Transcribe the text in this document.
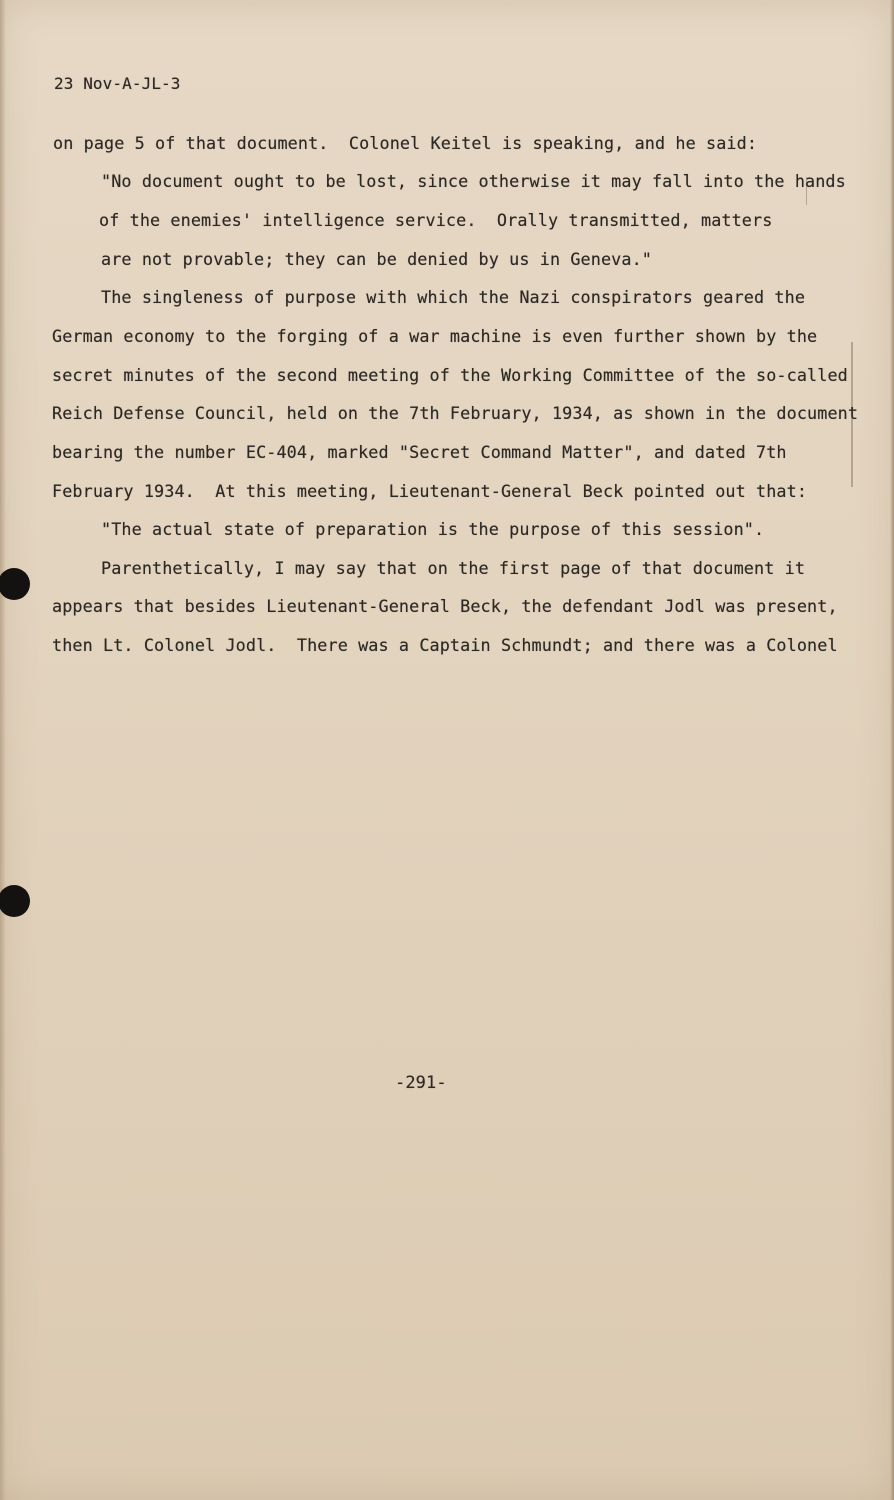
23 Nov-A-JL-3
on page 5 of that document.  Colonel Keitel is speaking, and he said:
"No document ought to be lost, since otherwise it may fall into the hands
of the enemies' intelligence service.  Orally transmitted, matters
are not provable; they can be denied by us in Geneva."
The singleness of purpose with which the Nazi conspirators geared the
German economy to the forging of a war machine is even further shown by the
secret minutes of the second meeting of the Working Committee of the so-called
Reich Defense Council, held on the 7th February, 1934, as shown in the document
bearing the number EC-404, marked "Secret Command Matter", and dated 7th
February 1934.  At this meeting, Lieutenant-General Beck pointed out that:
"The actual state of preparation is the purpose of this session".
Parenthetically, I may say that on the first page of that document it
appears that besides Lieutenant-General Beck, the defendant Jodl was present,
then Lt. Colonel Jodl.  There was a Captain Schmundt; and there was a Colonel
-291-
